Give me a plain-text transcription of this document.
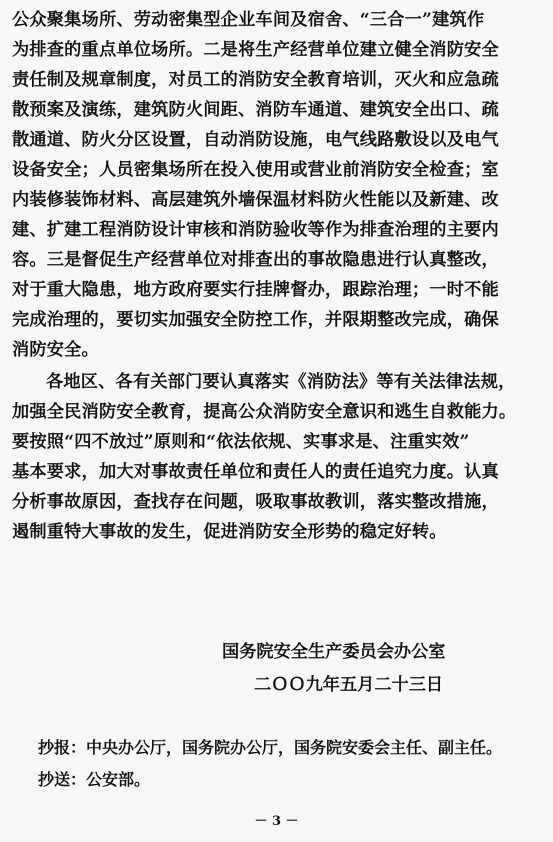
公众聚集场所、劳动密集型企业车间及宿舍、“三合一”建筑作
为排查的重点单位场所。二是将生产经营单位建立健全消防安全
责任制及规章制度，对员工的消防安全教育培训，灭火和应急疏
散预案及演练，建筑防火间距、消防车通道、建筑安全出口、疏
散通道、防火分区设置，自动消防设施，电气线路敷设以及电气
设备安全；人员密集场所在投入使用或营业前消防安全检查；室
内装修装饰材料、高层建筑外墙保温材料防火性能以及新建、改
建、扩建工程消防设计审核和消防验收等作为排查治理的主要内
容。三是督促生产经营单位对排查出的事故隐患进行认真整改，
对于重大隐患，地方政府要实行挂牌督办，跟踪治理；一时不能
完成治理的，要切实加强安全防控工作，并限期整改完成，确保
消防安全。
各地区、各有关部门要认真落实《消防法》等有关法律法规，
加强全民消防安全教育，提高公众消防安全意识和逃生自救能力。
要按照“四不放过”原则和“依法依规、实事求是、注重实效”
基本要求，加大对事故责任单位和责任人的责任追究力度。认真
分析事故原因，查找存在问题，吸取事故教训，落实整改措施，
遏制重特大事故的发生，促进消防安全形势的稳定好转。
国务院安全生产委员会办公室
二ＯＯ九年五月二十三日
抄报：中央办公厅，国务院办公厅，国务院安委会主任、副主任。
抄送：公安部。
－ 3 －
